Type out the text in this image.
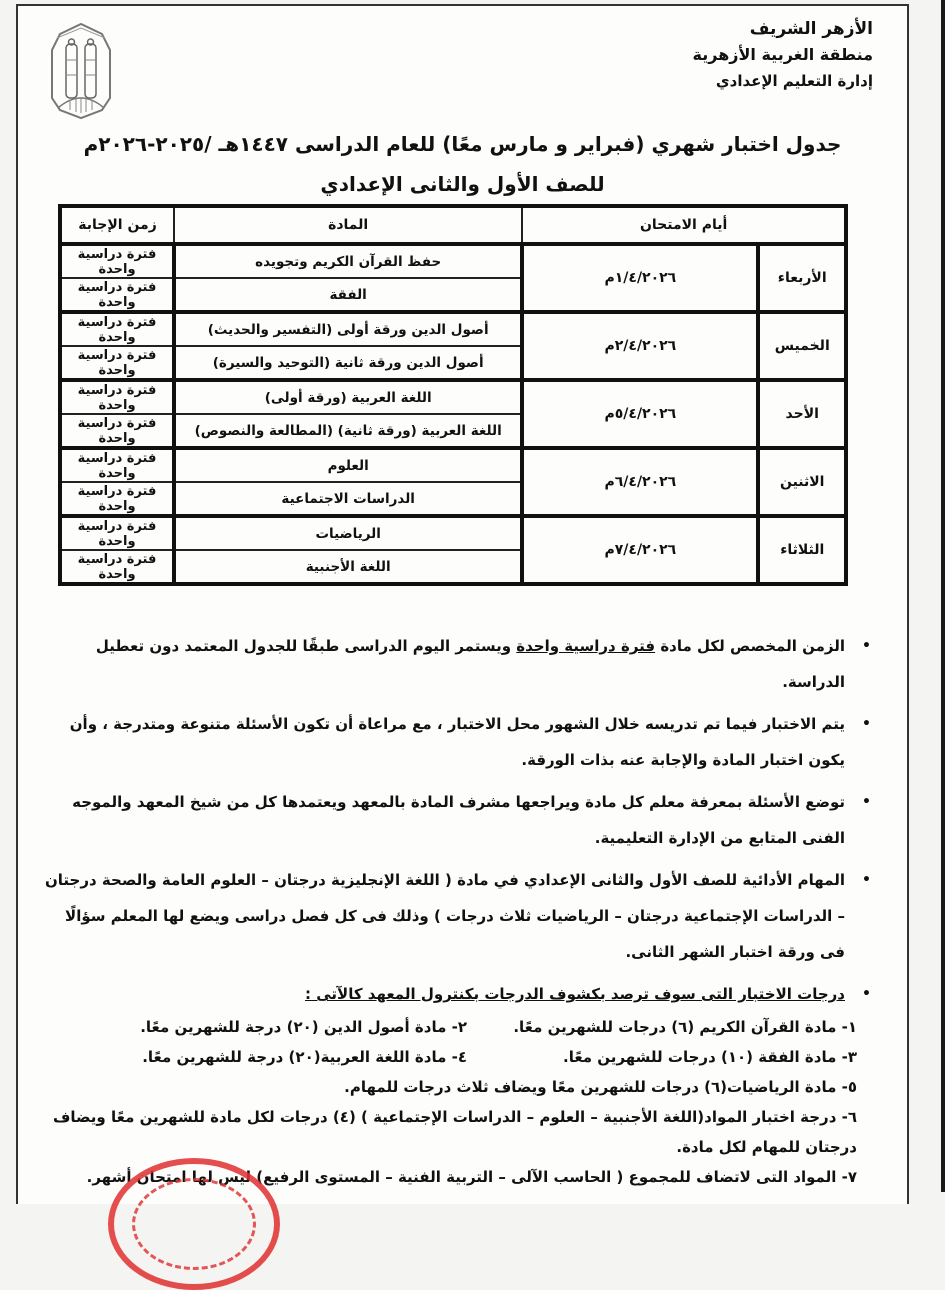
الأزهر الشريف
منطقة الغربية الأزهرية
إدارة التعليم الإعدادي
جدول اختبار شهري (فبراير و مارس معًا) للعام الدراسى ١٤٤٧هـ /٢٠٢٥-٢٠٢٦م
للصف الأول والثانى الإعدادي
أيام الامتحان		المادة	زمن الإجابة
الأربعاء	١/٤/٢٠٢٦م	حفظ القرآن الكريم وتجويده	فترة دراسية واحدة
		الفقة	فترة دراسية واحدة
الخميس	٢/٤/٢٠٢٦م	أصول الدين ورقة أولى (التفسير والحديث)	فترة دراسية واحدة
		أصول الدين ورقة ثانية (التوحيد والسيرة)	فترة دراسية واحدة
الأحد	٥/٤/٢٠٢٦م	اللغة العربية (ورقة أولى)	فترة دراسية واحدة
		اللغة العربية (ورقة ثانية) (المطالعة والنصوص)	فترة دراسية واحدة
الاثنين	٦/٤/٢٠٢٦م	العلوم	فترة دراسية واحدة
		الدراسات الاجتماعية	فترة دراسية واحدة
الثلاثاء	٧/٤/٢٠٢٦م	الرياضيات	فترة دراسية واحدة
		اللغة الأجنبية	فترة دراسية واحدة
•

الزمن المخصص لكل مادة فترة دراسية واحدة ويستمر اليوم الدراسى طبقًا للجدول المعتمد دون تعطيل الدراسة.

•

يتم الاختبار فيما تم تدريسه خلال الشهور محل الاختبار ، مع مراعاة أن تكون الأسئلة متنوعة ومتدرجة ، وأن يكون اختبار المادة والإجابة عنه بذات الورقة.

•

توضع الأسئلة بمعرفة معلم كل مادة ويراجعها مشرف المادة بالمعهد ويعتمدها كل من شيخ المعهد والموجه الفنى المتابع من الإدارة التعليمية.

•

المهام الأدائية للصف الأول والثانى الإعدادي في مادة ( اللغة الإنجليزية درجتان – العلوم العامة والصحة درجتان – الدراسات الإجتماعية درجتان – الرياضيات ثلاث درجات ) وذلك فى كل فصل دراسى ويضع لها المعلم سؤالًا فى ورقة اختبار الشهر الثانى.

•

درجات الاختبار التى سوف ترصد بكشوف الدرجات بكنترول المعهد كالآتى :

١- مادة القرآن الكريم (٦) درجات للشهرين معًا.
٢- مادة أصول الدين (٢٠) درجة للشهرين معًا.
٣- مادة الفقة (١٠) درجات للشهرين معًا.
٤- مادة اللغة العربية(٢٠) درجة للشهرين معًا.

٥- مادة الرياضيات(٦) درجات للشهرين معًا ويضاف ثلاث درجات للمهام.

٦- درجة اختبار المواد(اللغة الأجنبية – العلوم – الدراسات الإجتماعية ) (٤) درجات لكل مادة للشهرين معًا ويضاف درجتان للمهام لكل مادة.

٧- المواد التى لاتضاف للمجموع ( الحاسب الآلى – التربية الفنية – المستوى الرفيع) ليس لها امتحان أشهر.
